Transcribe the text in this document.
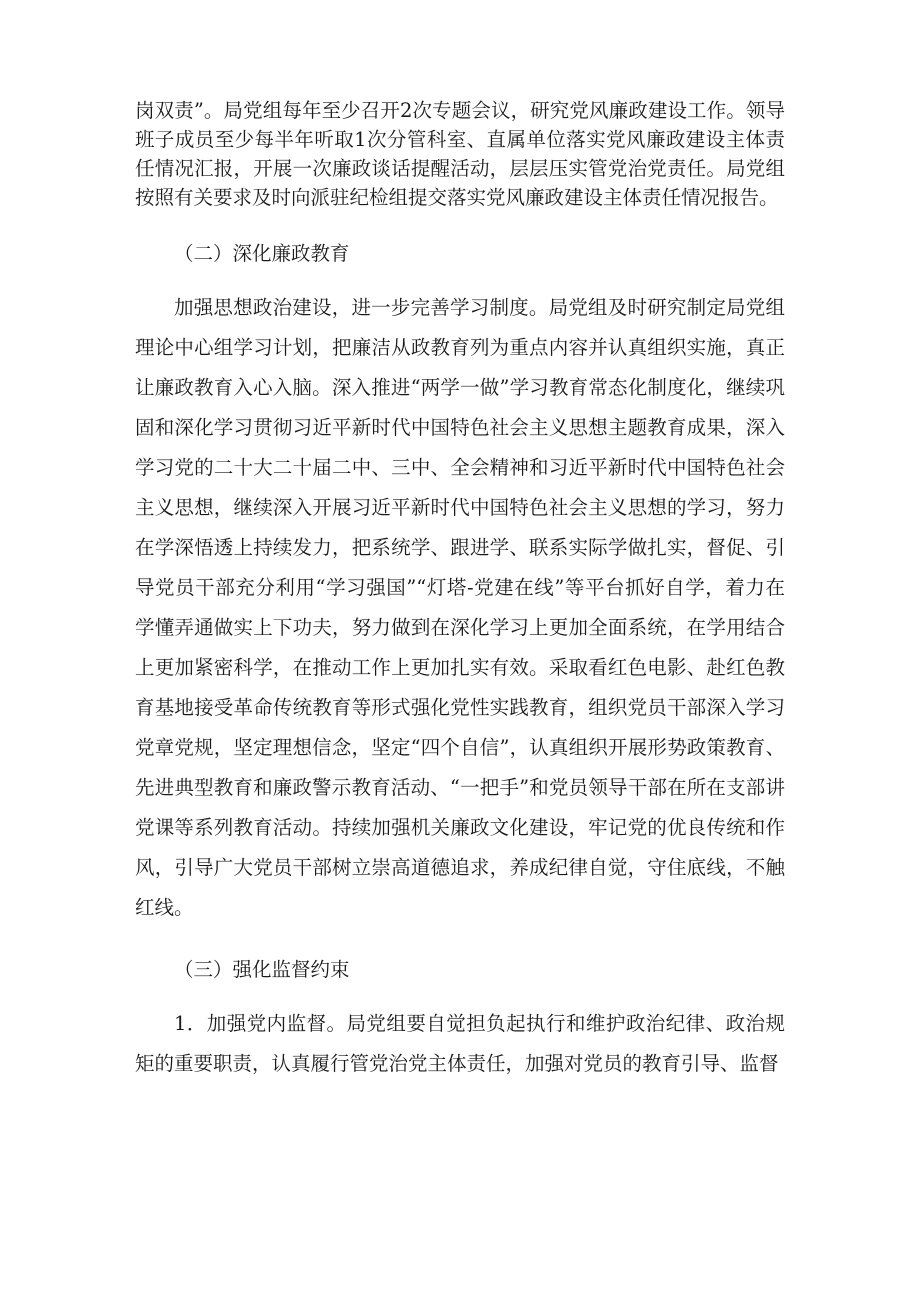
岗双责”。局党组每年至少召开2次专题会议，研究党风廉政建设工作。领导班子成员至少每半年听取1次分管科室、直属单位落实党风廉政建设主体责任情况汇报，开展一次廉政谈话提醒活动，层层压实管党治党责任。局党组按照有关要求及时向派驻纪检组提交落实党风廉政建设主体责任情况报告。

（二）深化廉政教育

加强思想政治建设，进一步完善学习制度。局党组及时研究制定局党组理论中心组学习计划，把廉洁从政教育列为重点内容并认真组织实施，真正让廉政教育入心入脑。深入推进“两学一做”学习教育常态化制度化，继续巩固和深化学习贯彻习近平新时代中国特色社会主义思想主题教育成果，深入学习党的二十大二十届二中、三中、全会精神和习近平新时代中国特色社会主义思想，继续深入开展习近平新时代中国特色社会主义思想的学习，努力在学深悟透上持续发力，把系统学、跟进学、联系实际学做扎实，督促、引导党员干部充分利用“学习强国”“灯塔-党建在线”等平台抓好自学，着力在学懂弄通做实上下功夫，努力做到在深化学习上更加全面系统，在学用结合上更加紧密科学，在推动工作上更加扎实有效。采取看红色电影、赴红色教育基地接受革命传统教育等形式强化党性实践教育，组织党员干部深入学习党章党规，坚定理想信念，坚定“四个自信”，认真组织开展形势政策教育、先进典型教育和廉政警示教育活动、“一把手”和党员领导干部在所在支部讲党课等系列教育活动。持续加强机关廉政文化建设，牢记党的优良传统和作风，引导广大党员干部树立崇高道德追求，养成纪律自觉，守住底线，不触红线。

（三）强化监督约束

1．加强党内监督。局党组要自觉担负起执行和维护政治纪律、政治规矩的重要职责，认真履行管党治党主体责任，加强对党员的教育引导、监督
